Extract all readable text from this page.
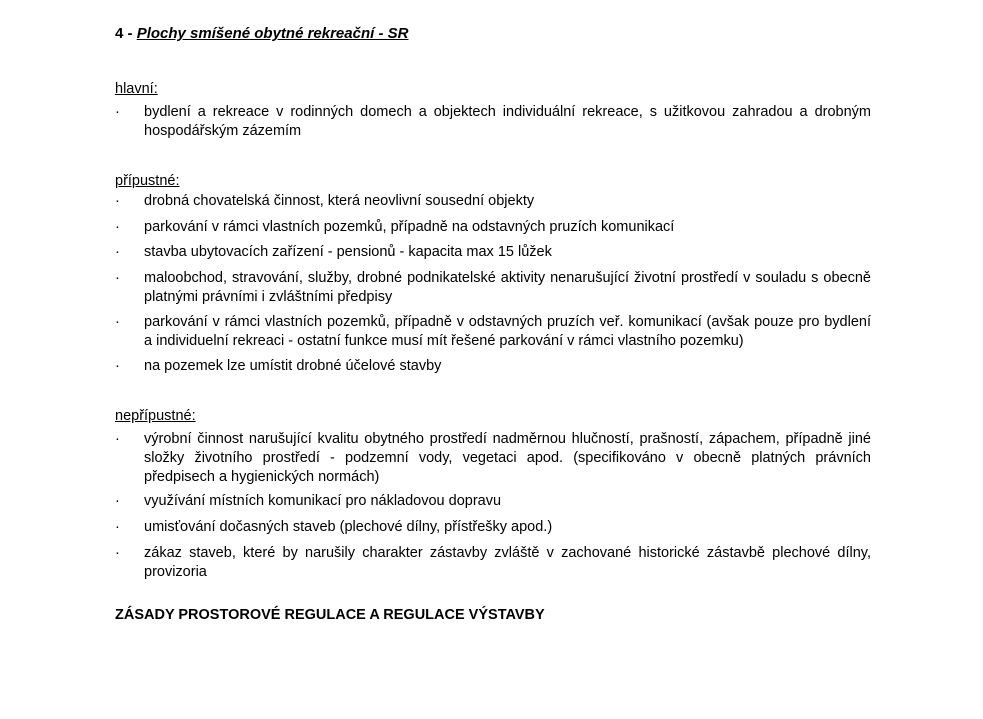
4 - Plochy smíšené obytné rekreační - SR

hlavní:

· bydlení a rekreace v rodinných domech a objektech individuální rekreace, s užitkovou zahradou a drobným hospodářským zázemím

přípustné:

· drobná chovatelská činnost, která neovlivní sousední objekty
· parkování v rámci vlastních pozemků, případně na odstavných pruzích komunikací
· stavba ubytovacích zařízení - pensionů - kapacita max 15 lůžek
· maloobchod, stravování, služby, drobné podnikatelské aktivity nenarušující životní prostředí v souladu s obecně platnými právními i zvláštními předpisy
· parkování v rámci vlastních pozemků, případně v odstavných pruzích veř. komunikací (avšak pouze pro bydlení a individuelní rekreaci - ostatní funkce musí mít řešené parkování v rámci vlastního pozemku)
· na pozemek lze umístit drobné účelové stavby

nepřípustné:

· výrobní činnost narušující kvalitu obytného prostředí nadměrnou hlučností, prašností, zápachem, případně jiné složky životního prostředí - podzemní vody, vegetaci apod. (specifikováno v obecně platných právních předpisech a hygienických normách)
· využívání místních komunikací pro nákladovou dopravu
· umisťování dočasných staveb (plechové dílny, přístřešky apod.)
· zákaz staveb, které by narušily charakter zástavby zvláště v zachované historické zástavbě plechové dílny, provizoria

ZÁSADY PROSTOROVÉ REGULACE A REGULACE VÝSTAVBY
